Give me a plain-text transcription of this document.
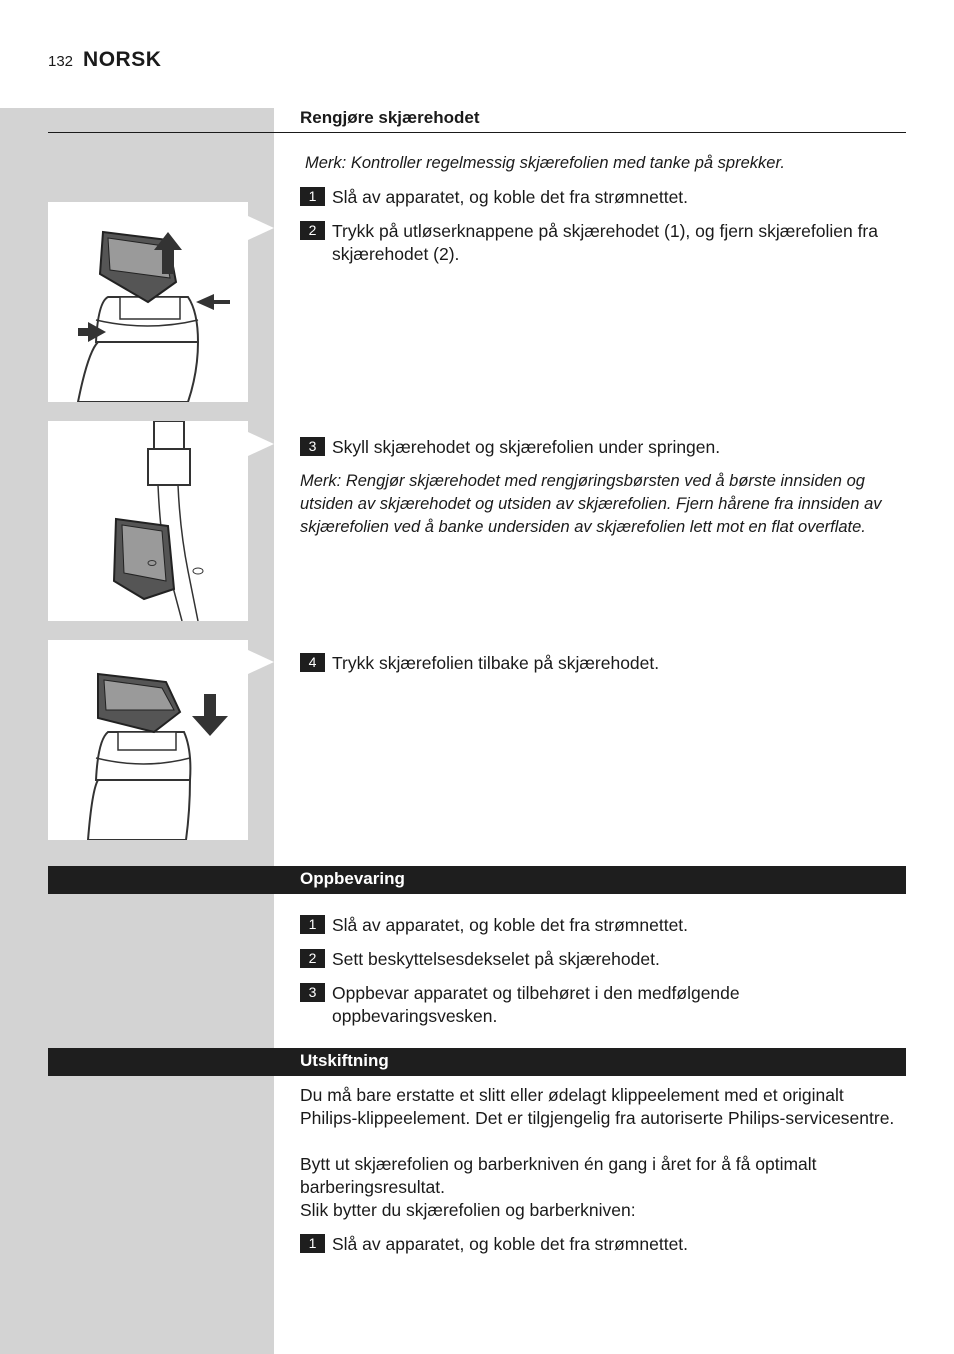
132 NORSK
Rengjøre skjærehodet
Merk: Kontroller regelmessig skjærefolien med tanke på sprekker.
1 Slå av apparatet, og koble det fra strømnettet.
2 Trykk på utløserknappene på skjærehodet (1), og fjern skjærefolien fra skjærehodet (2).
3 Skyll skjærehodet og skjærefolien under springen.
Merk: Rengjør skjærehodet med rengjøringsbørsten ved å børste innsiden og utsiden av skjærehodet og utsiden av skjærefolien. Fjern hårene fra innsiden av skjærefolien ved å banke undersiden av skjærefolien lett mot en flat overflate.
4 Trykk skjærefolien tilbake på skjærehodet.
Oppbevaring
1 Slå av apparatet, og koble det fra strømnettet.
2 Sett beskyttelsesdekselet på skjærehodet.
3 Oppbevar apparatet og tilbehøret i den medfølgende oppbevaringsvesken.
Utskiftning
Du må bare erstatte et slitt eller ødelagt klippeelement med et originalt Philips-klippeelement. Det er tilgjengelig fra autoriserte Philips-servicesentre.
Bytt ut skjærefolien og barberkniven én gang i året for å få optimalt barberingsresultat.
Slik bytter du skjærefolien og barberkniven:
1 Slå av apparatet, og koble det fra strømnettet.
